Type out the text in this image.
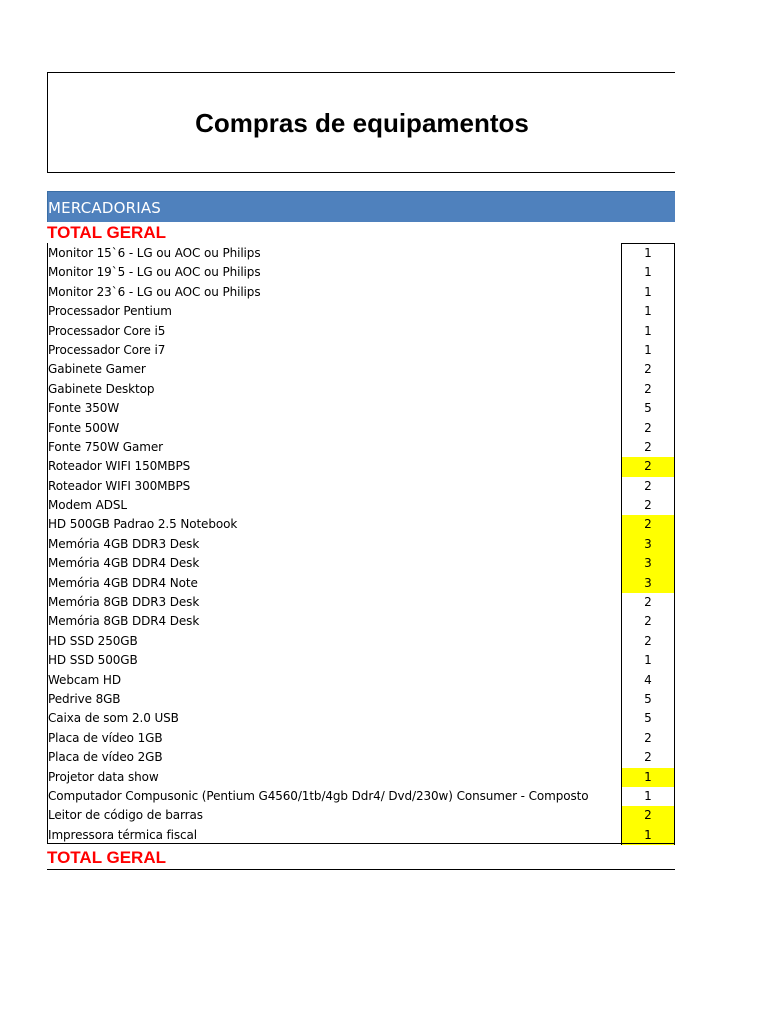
Compras de equipamentos
MERCADORIAS
TOTAL GERAL
Monitor 15`6 - LG ou AOC ou Philips	1
Monitor 19`5 - LG ou AOC ou Philips	1
Monitor 23`6 - LG ou AOC ou Philips	1
Processador Pentium	1
Processador Core i5	1
Processador Core i7	1
Gabinete Gamer	2
Gabinete Desktop	2
Fonte 350W	5
Fonte 500W	2
Fonte 750W Gamer	2
Roteador WIFI 150MBPS	2
Roteador WIFI 300MBPS	2
Modem ADSL	2
HD 500GB Padrao 2.5 Notebook	2
Memória 4GB DDR3 Desk	3
Memória 4GB DDR4 Desk	3
Memória 4GB DDR4 Note	3
Memória 8GB DDR3 Desk	2
Memória 8GB DDR4 Desk	2
HD SSD 250GB	2
HD SSD 500GB	1
Webcam HD	4
Pedrive 8GB	5
Caixa de som 2.0 USB	5
Placa de vídeo 1GB	2
Placa de vídeo 2GB	2
Projetor data show	1
Computador Compusonic (Pentium G4560/1tb/4gb Ddr4/ Dvd/230w) Consumer - Composto	1
Leitor de código de barras	2
Impressora térmica fiscal	1
TOTAL GERAL
